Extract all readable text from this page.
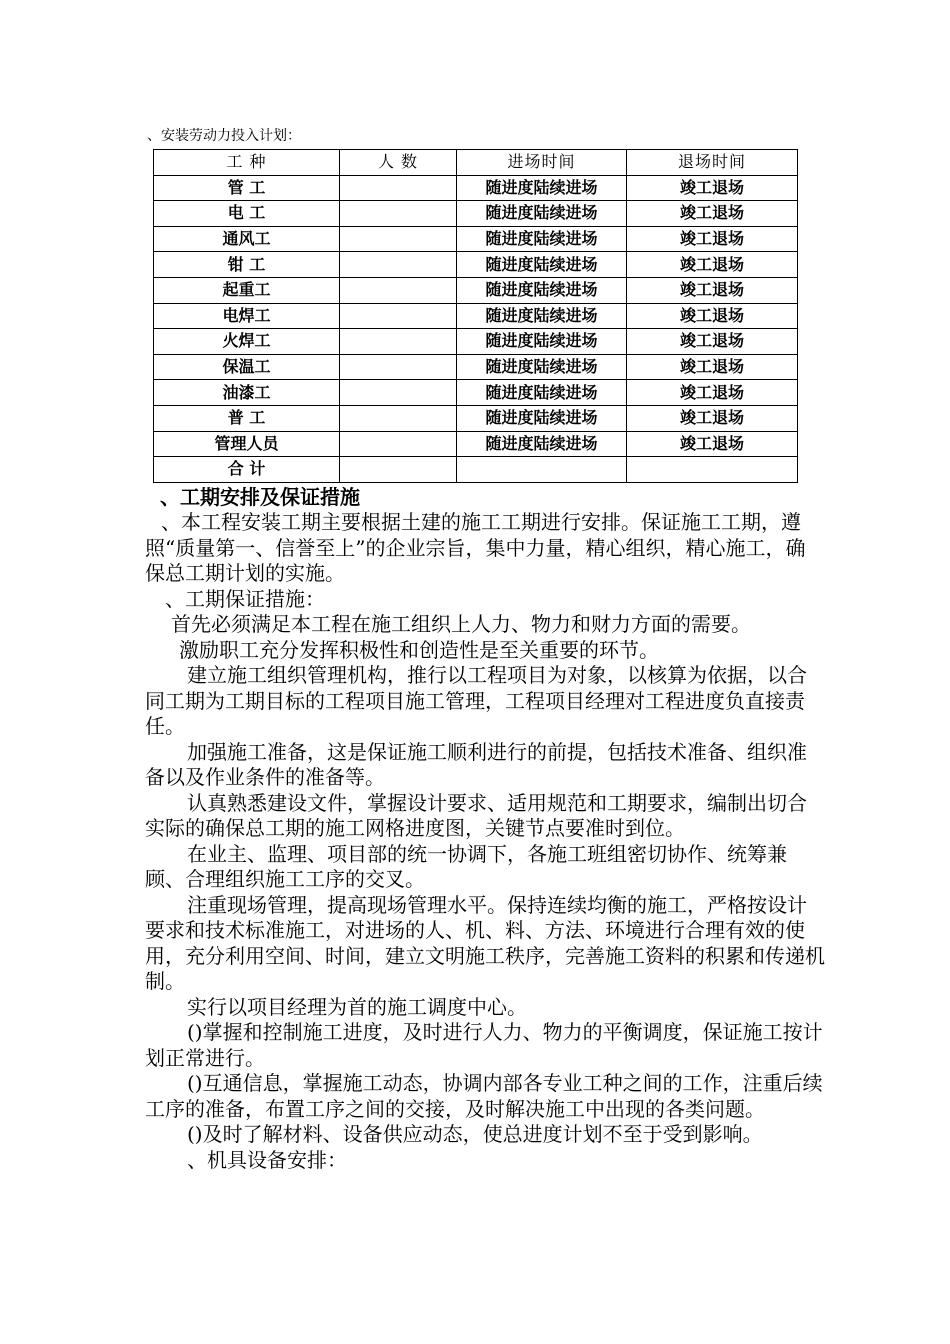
、安装劳动力投入计划：
工 种	人 数	进场时间	退场时间
管 工		随进度陆续进场	竣工退场
电 工		随进度陆续进场	竣工退场
通风工		随进度陆续进场	竣工退场
钳 工		随进度陆续进场	竣工退场
起重工		随进度陆续进场	竣工退场
电焊工		随进度陆续进场	竣工退场
火焊工		随进度陆续进场	竣工退场
保温工		随进度陆续进场	竣工退场
油漆工		随进度陆续进场	竣工退场
普 工		随进度陆续进场	竣工退场
管理人员		随进度陆续进场	竣工退场
合 计			
、工期安排及保证措施

、本工程安装工期主要根据土建的施工工期进行安排。保证施工工期，遵照“质量第一、信誉至上”的企业宗旨，集中力量，精心组织，精心施工，确保总工期计划的实施。

、工期保证措施：

首先必须满足本工程在施工组织上人力、物力和财力方面的需要。

激励职工充分发挥积极性和创造性是至关重要的环节。

建立施工组织管理机构，推行以工程项目为对象，以核算为依据，以合同工期为工期目标的工程项目施工管理，工程项目经理对工程进度负直接责任。

加强施工准备，这是保证施工顺利进行的前提，包括技术准备、组织准备以及作业条件的准备等。

认真熟悉建设文件，掌握设计要求、适用规范和工期要求，编制出切合实际的确保总工期的施工网格进度图，关键节点要准时到位。

在业主、监理、项目部的统一协调下，各施工班组密切协作、统筹兼顾、合理组织施工工序的交叉。

注重现场管理，提高现场管理水平。保持连续均衡的施工，严格按设计要求和技术标准施工，对进场的人、机、料、方法、环境进行合理有效的使用，充分利用空间、时间，建立文明施工秩序，完善施工资料的积累和传递机制。

实行以项目经理为首的施工调度中心。

()掌握和控制施工进度，及时进行人力、物力的平衡调度，保证施工按计划正常进行。

()互通信息，掌握施工动态，协调内部各专业工种之间的工作，注重后续工序的准备，布置工序之间的交接，及时解决施工中出现的各类问题。

()及时了解材料、设备供应动态，使总进度计划不至于受到影响。

、机具设备安排：
